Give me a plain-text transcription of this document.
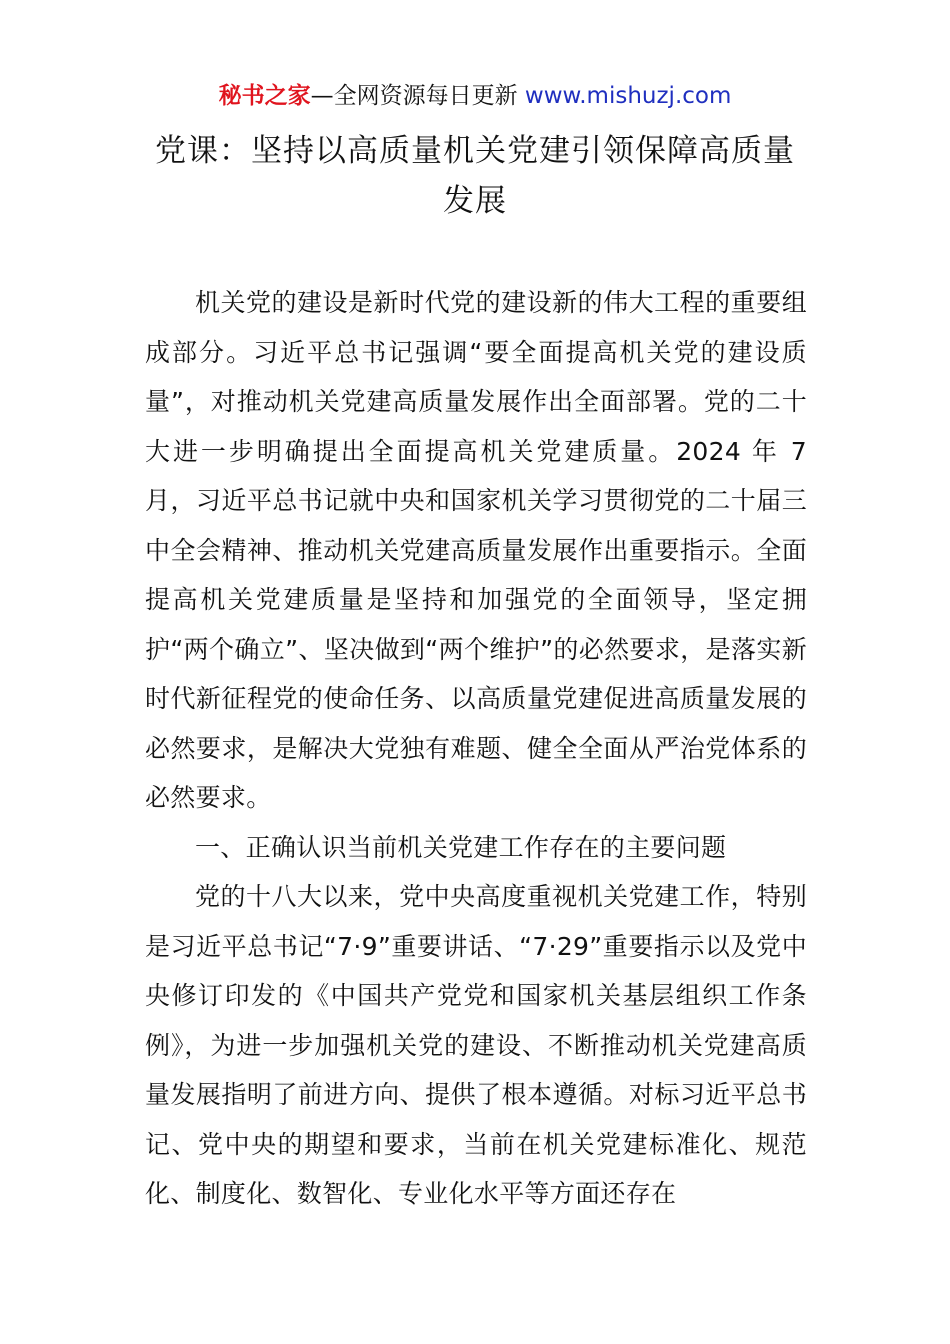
秘书之家—全网资源每日更新 www.mishuzj.com
党课：坚持以高质量机关党建引领保障高质量发展

机关党的建设是新时代党的建设新的伟大工程的重要组成部分。习近平总书记强调“要全面提高机关党的建设质量”，对推动机关党建高质量发展作出全面部署。党的二十大进一步明确提出全面提高机关党建质量。2024 年 7 月，习近平总书记就中央和国家机关学习贯彻党的二十届三中全会精神、推动机关党建高质量发展作出重要指示。全面提高机关党建质量是坚持和加强党的全面领导，坚定拥护“两个确立”、坚决做到“两个维护”的必然要求，是落实新时代新征程党的使命任务、以高质量党建促进高质量发展的必然要求，是解决大党独有难题、健全全面从严治党体系的必然要求。

一、正确认识当前机关党建工作存在的主要问题

党的十八大以来，党中央高度重视机关党建工作，特别是习近平总书记“7·9”重要讲话、“7·29”重要指示以及党中央修订印发的《中国共产党党和国家机关基层组织工作条例》，为进一步加强机关党的建设、不断推动机关党建高质量发展指明了前进方向、提供了根本遵循。对标习近平总书记、党中央的期望和要求，当前在机关党建标准化、规范化、制度化、数智化、专业化水平等方面还存在
